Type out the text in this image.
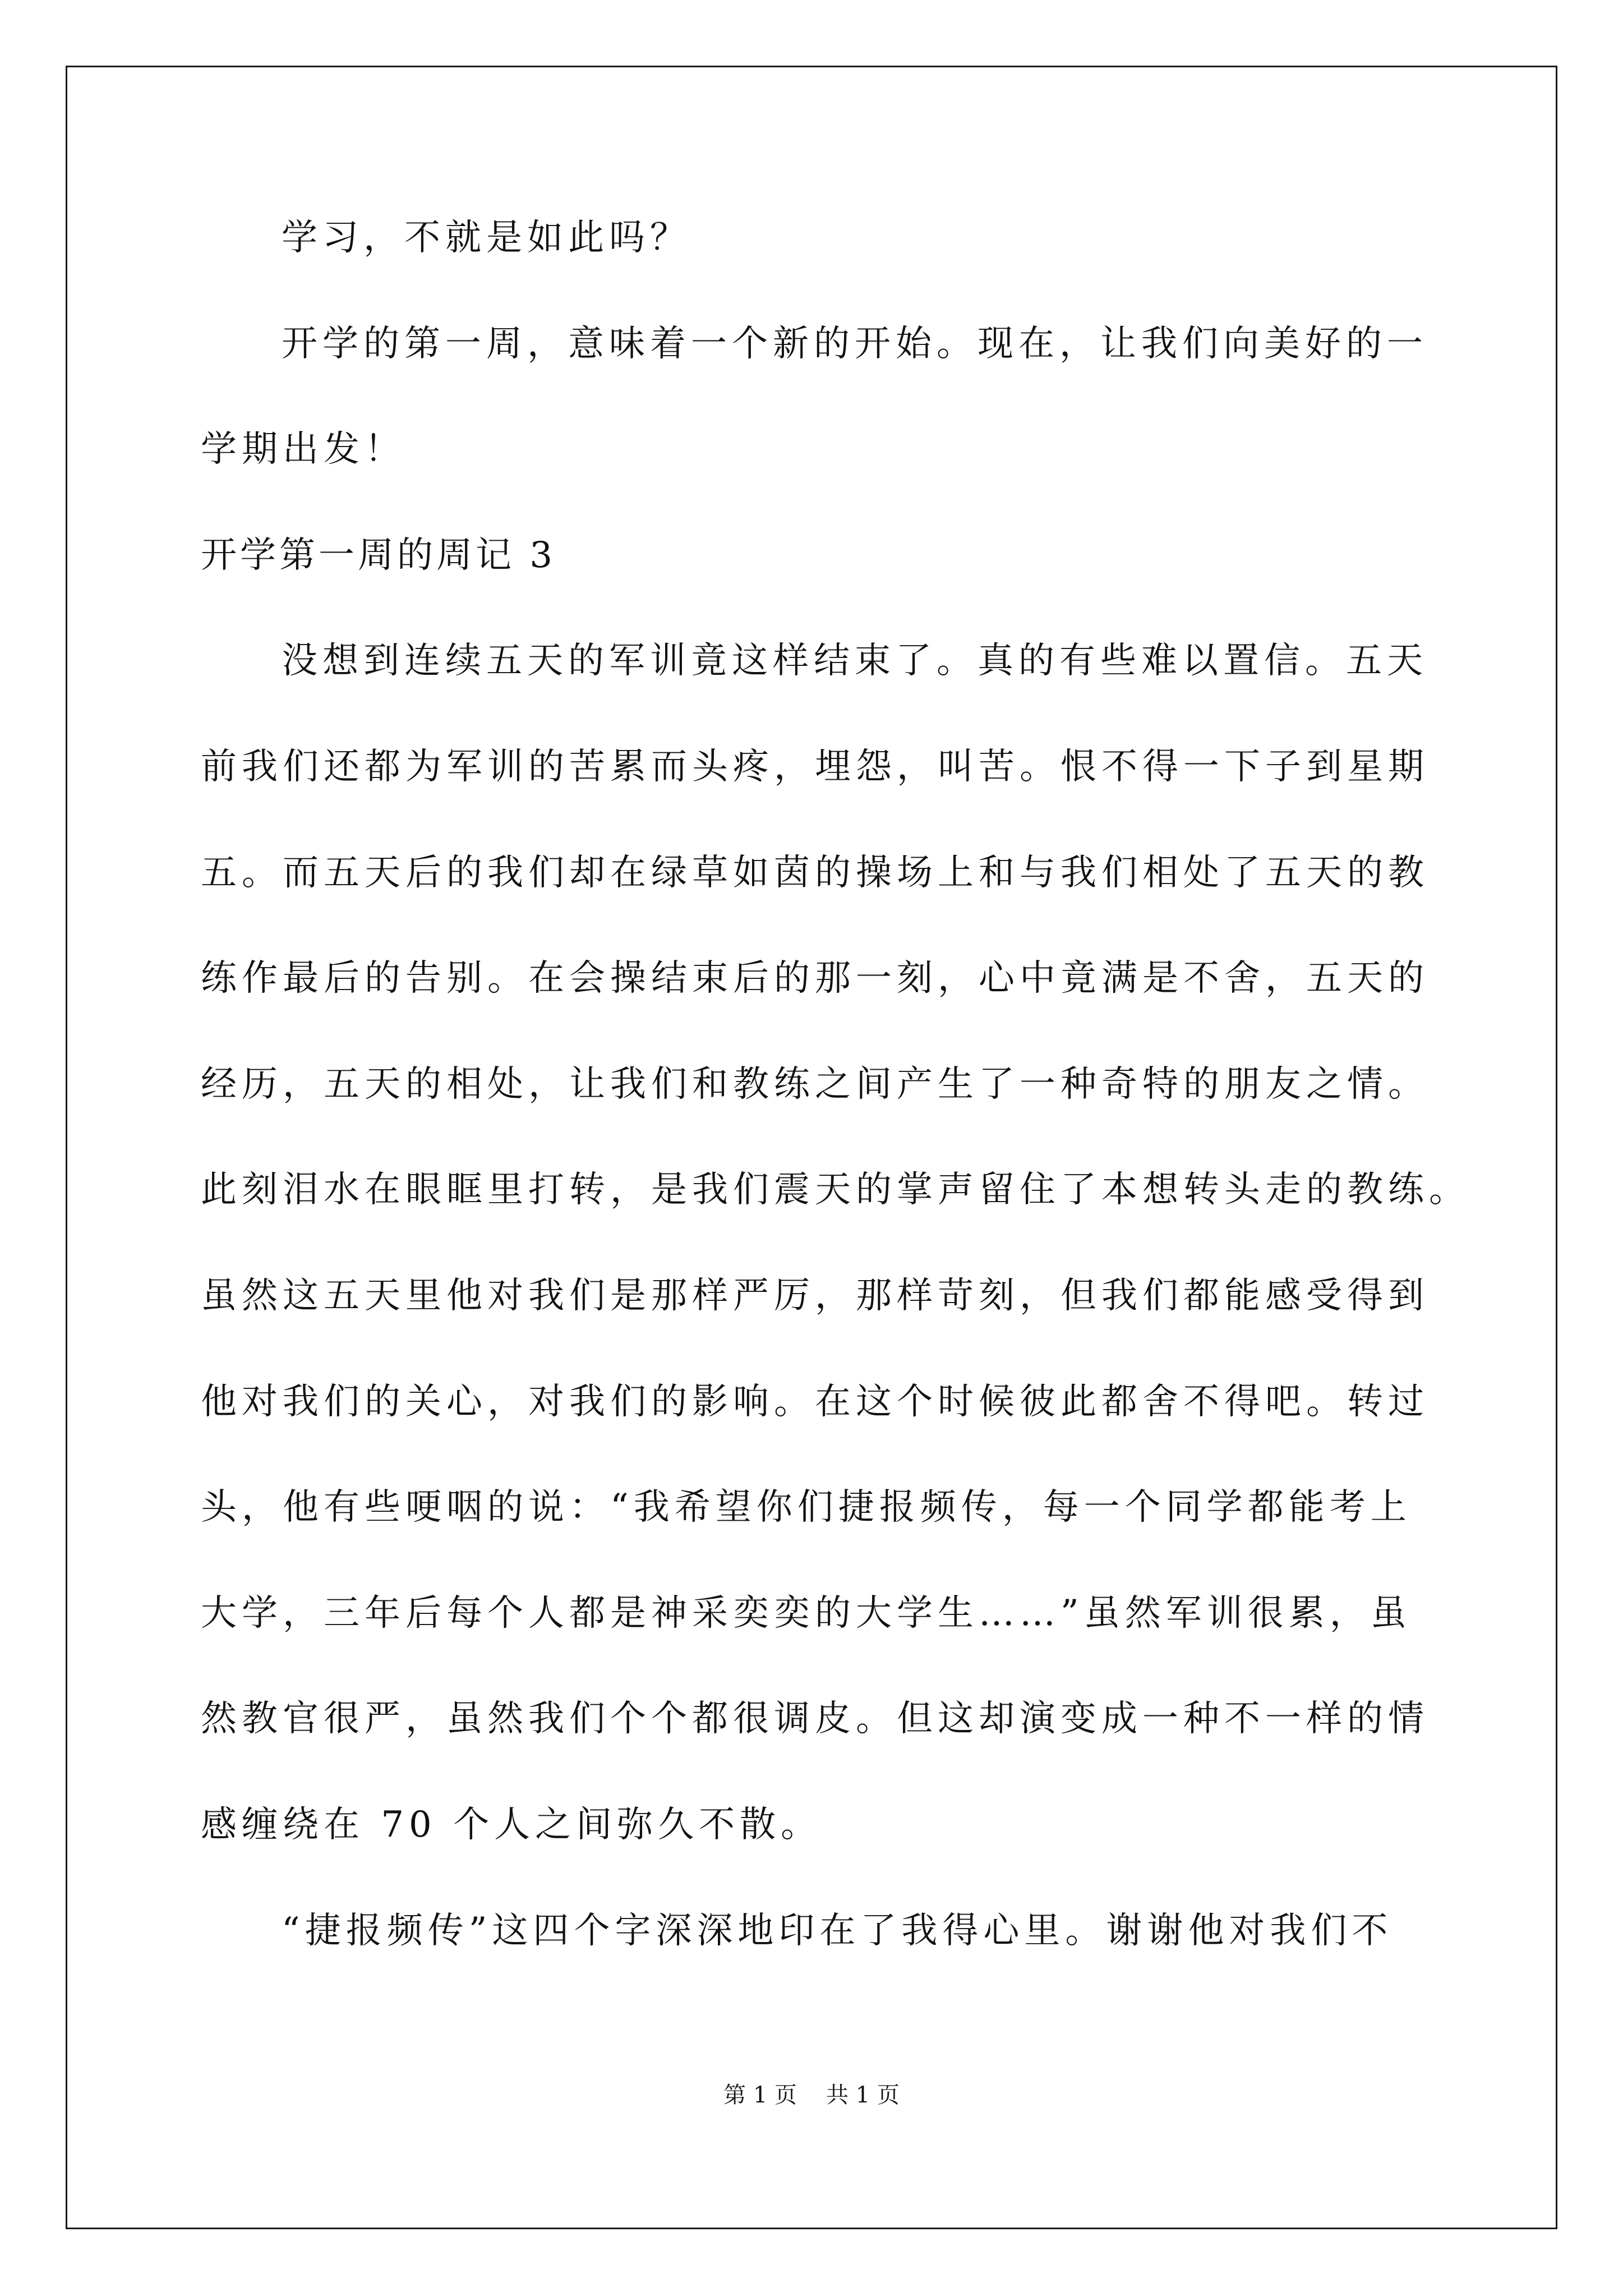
学习，不就是如此吗？
开学的第一周，意味着一个新的开始。现在，让我们向美好的一
学期出发！
开学第一周的周记 3
没想到连续五天的军训竟这样结束了。真的有些难以置信。五天
前我们还都为军训的苦累而头疼，埋怨，叫苦。恨不得一下子到星期
五。而五天后的我们却在绿草如茵的操场上和与我们相处了五天的教
练作最后的告别。在会操结束后的那一刻，心中竟满是不舍，五天的
经历，五天的相处，让我们和教练之间产生了一种奇特的朋友之情。
此刻泪水在眼眶里打转，是我们震天的掌声留住了本想转头走的教练。
虽然这五天里他对我们是那样严厉，那样苛刻，但我们都能感受得到
他对我们的关心，对我们的影响。在这个时候彼此都舍不得吧。转过
头，他有些哽咽的说：“我希望你们捷报频传，每一个同学都能考上
大学，三年后每个人都是神采奕奕的大学生……”虽然军训很累，虽
然教官很严，虽然我们个个都很调皮。但这却演变成一种不一样的情
感缠绕在 70 个人之间弥久不散。
“捷报频传”这四个字深深地印在了我得心里。谢谢他对我们不
第 1 页 共 1 页
